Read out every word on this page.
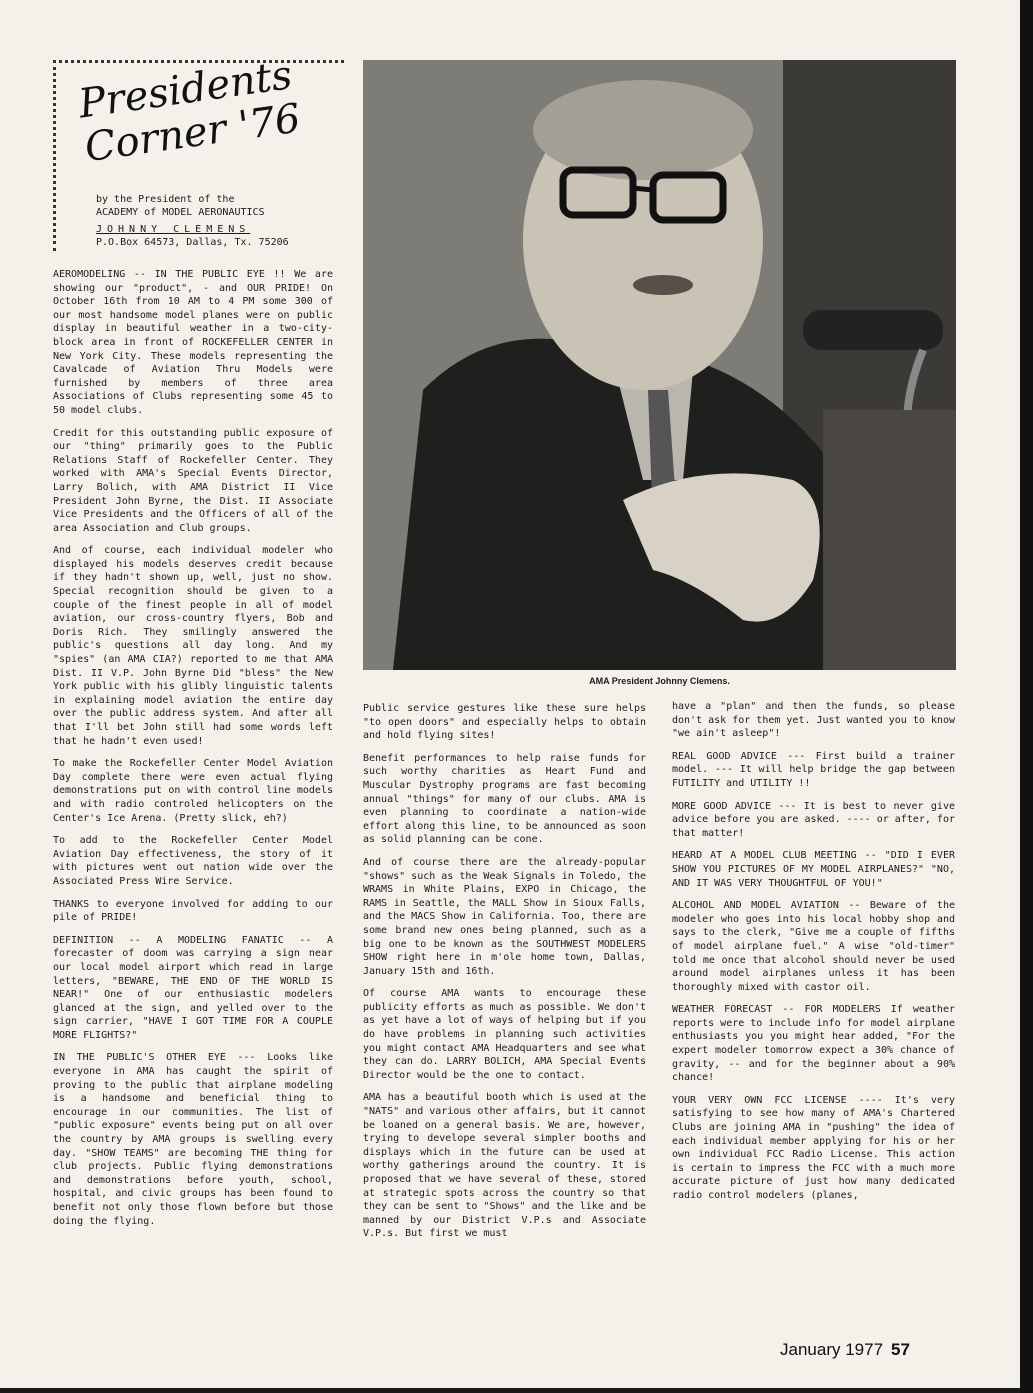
Presidents Corner '76
by the President of the
ACADEMY of MODEL AERONAUTICS
JOHNNY CLEMENS
P.O.Box 64573, Dallas, Tx. 75206
AMA President Johnny Clemens.

AEROMODELING -- IN THE PUBLIC EYE !! We are showing our "product", - and OUR PRIDE! On October 16th from 10 AM to 4 PM some 300 of our most handsome model planes were on public display in beautiful weather in a two-city-block area in front of ROCKEFELLER CENTER in New York City. These models representing the Cavalcade of Aviation Thru Models were furnished by members of three area Associations of Clubs representing some 45 to 50 model clubs.

Credit for this outstanding public exposure of our "thing" primarily goes to the Public Relations Staff of Rockefeller Center. They worked with AMA's Special Events Director, Larry Bolich, with AMA District II Vice President John Byrne, the Dist. II Associate Vice Presidents and the Officers of all of the area Association and Club groups.

And of course, each individual modeler who displayed his models deserves credit because if they hadn't shown up, well, just no show. Special recognition should be given to a couple of the finest people in all of model aviation, our cross-country flyers, Bob and Doris Rich. They smilingly answered the public's questions all day long. And my "spies" (an AMA CIA?) reported to me that AMA Dist. II V.P. John Byrne Did "bless" the New York public with his glibly linguistic talents in explaining model aviation the entire day over the public address system. And after all that I'll bet John still had some words left that he hadn't even used!

To make the Rockefeller Center Model Aviation Day complete there were even actual flying demonstrations put on with control line models and with radio controled helicopters on the Center's Ice Arena. (Pretty slick, eh?)

To add to the Rockefeller Center Model Aviation Day effectiveness, the story of it with pictures went out nation wide over the Associated Press Wire Service.

THANKS to everyone involved for adding to our pile of PRIDE!

DEFINITION -- A MODELING FANATIC -- A forecaster of doom was carrying a sign near our local model airport which read in large letters, "BEWARE, THE END OF THE WORLD IS NEAR!" One of our enthusiastic modelers glanced at the sign, and yelled over to the sign carrier, "HAVE I GOT TIME FOR A COUPLE MORE FLIGHTS?"

IN THE PUBLIC'S OTHER EYE --- Looks like everyone in AMA has caught the spirit of proving to the public that airplane modeling is a handsome and beneficial thing to encourage in our communities. The list of "public exposure" events being put on all over the country by AMA groups is swelling every day. "SHOW TEAMS" are becoming THE thing for club projects. Public flying demonstrations and demonstrations before youth, school, hospital, and civic groups has been found to benefit not only those flown before but those doing the flying.

Public service gestures like these sure helps "to open doors" and especially helps to obtain and hold flying sites!

Benefit performances to help raise funds for such worthy charities as Heart Fund and Muscular Dystrophy programs are fast becoming annual "things" for many of our clubs. AMA is even planning to coordinate a nation-wide effort along this line, to be announced as soon as solid planning can be cone.

And of course there are the already-popular "shows" such as the Weak Signals in Toledo, the WRAMS in White Plains, EXPO in Chicago, the RAMS in Seattle, the MALL Show in Sioux Falls, and the MACS Show in California. Too, there are some brand new ones being planned, such as a big one to be known as the SOUTHWEST MODELERS SHOW right here in m'ole home town, Dallas, January 15th and 16th.

Of course AMA wants to encourage these publicity efforts as much as possible. We don't as yet have a lot of ways of helping but if you do have problems in planning such activities you might contact AMA Headquarters and see what they can do. LARRY BOLICH, AMA Special Events Director would be the one to contact.

AMA has a beautiful booth which is used at the "NATS" and various other affairs, but it cannot be loaned on a general basis. We are, however, trying to develope several simpler booths and displays which in the future can be used at worthy gatherings around the country. It is proposed that we have several of these, stored at strategic spots across the country so that they can be sent to "Shows" and the like and be manned by our District V.P.s and Associate V.P.s. But first we must

have a "plan" and then the funds, so please don't ask for them yet. Just wanted you to know "we ain't asleep"!

REAL GOOD ADVICE --- First build a trainer model. --- It will help bridge the gap between FUTILITY and UTILITY !!

MORE GOOD ADVICE --- It is best to never give advice before you are asked. ---- or after, for that matter!

HEARD AT A MODEL CLUB MEETING -- "DID I EVER SHOW YOU PICTURES OF MY MODEL AIRPLANES?" "NO, AND IT WAS VERY THOUGHTFUL OF YOU!"

ALCOHOL AND MODEL AVIATION -- Beware of the modeler who goes into his local hobby shop and says to the clerk, "Give me a couple of fifths of model airplane fuel." A wise "old-timer" told me once that alcohol should never be used around model airplanes unless it has been thoroughly mixed with castor oil.

WEATHER FORECAST -- FOR MODELERS If weather reports were to include info for model airplane enthusiasts you you might hear added, "For the expert modeler tomorrow expect a 30% chance of gravity, -- and for the beginner about a 90% chance!

YOUR VERY OWN FCC LICENSE ---- It's very satisfying to see how many of AMA's Chartered Clubs are joining AMA in "pushing" the idea of each individual member applying for his or her own individual FCC Radio License. This action is certain to impress the FCC with a much more accurate picture of just how many dedicated radio control modelers (planes,

January 1977 57
